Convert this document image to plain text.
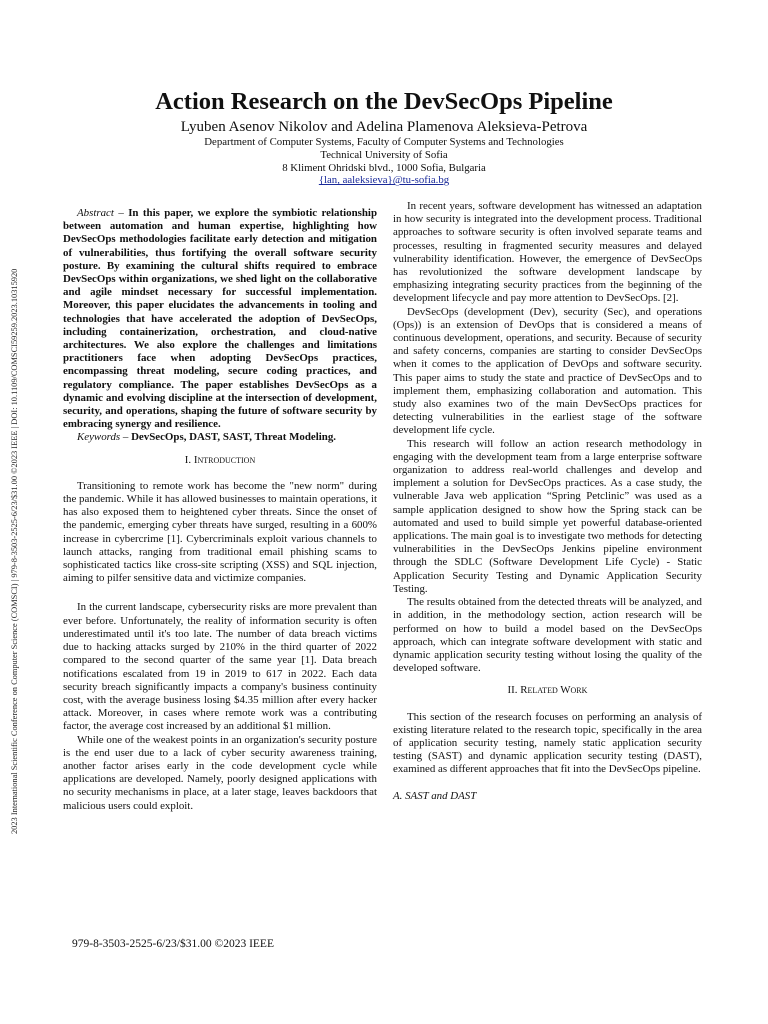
2023 International Scientific Conference on Computer Science (COMSCI) | 979-8-3503-2525-6/23/$31.00 ©2023 IEEE | DOI: 10.1109/COMSCI59259.2023.10315920
Action Research on the DevSecOps Pipeline
Lyuben Asenov Nikolov and Adelina Plamenova Aleksieva-Petrova
Department of Computer Systems, Faculty of Computer Systems and Technologies
Technical University of Sofia
8 Kliment Ohridski blvd., 1000 Sofia, Bulgaria
{lan, aaleksieva}@tu-sofia.bg

Abstract – In this paper, we explore the symbiotic relationship between automation and human expertise, highlighting how DevSecOps methodologies facilitate early detection and mitigation of vulnerabilities, thus fortifying the overall software security posture. By examining the cultural shifts required to embrace DevSecOps within organizations, we shed light on the collaborative and agile mindset necessary for successful implementation. Moreover, this paper elucidates the advancements in tooling and technologies that have accelerated the adoption of DevSecOps, including containerization, orchestration, and cloud-native architectures. We also explore the challenges and limitations practitioners face when adopting DevSecOps practices, encompassing threat modeling, secure coding practices, and regulatory compliance. The paper establishes DevSecOps as a dynamic and evolving discipline at the intersection of development, security, and operations, shaping the future of software security by embracing synergy and resilience.

Keywords – DevSecOps, DAST, SAST, Threat Modeling.

I. Introduction

Transitioning to remote work has become the "new norm" during the pandemic. While it has allowed businesses to maintain operations, it has also exposed them to heightened cyber threats. Since the onset of the pandemic, emerging cyber threats have surged, resulting in a 600% increase in cybercrime [1]. Cybercriminals exploit various channels to launch attacks, ranging from traditional email phishing scams to sophisticated tactics like cross-site scripting (XSS) and SQL injection, aiming to pilfer sensitive data and victimize companies.

In the current landscape, cybersecurity risks are more prevalent than ever before. Unfortunately, the reality of information security is often underestimated until it's too late. The number of data breach victims due to hacking attacks surged by 210% in the third quarter of 2022 compared to the second quarter of the same year [1]. Data breach notifications escalated from 19 in 2019 to 617 in 2022. Each data security breach significantly impacts a company's business continuity cost, with the average business losing $4.35 million after every hacker attack. Moreover, in cases where remote work was a contributing factor, the average cost increased by an additional $1 million.

While one of the weakest points in an organization's security posture is the end user due to a lack of cyber security awareness training, another factor arises early in the code development cycle while applications are developed. Namely, poorly designed applications with no security mechanisms in place, at a later stage, leaves backdoors that malicious users could exploit.

In recent years, software development has witnessed an adaptation in how security is integrated into the development process. Traditional approaches to software security is often involved separate teams and processes, resulting in fragmented security measures and delayed vulnerability identification. However, the emergence of DevSecOps has revolutionized the software development landscape by emphasizing integrating security practices from the beginning of the development lifecycle and pay more attention to DevSecOps. [2].

DevSecOps (development (Dev), security (Sec), and operations (Ops)) is an extension of DevOps that is considered a means of continuous development, operations, and security. Because of security and safety concerns, companies are starting to consider DevSecOps when it comes to the application of DevOps and software security. This paper aims to study the state and practice of DevSecOps and to implement them, emphasizing collaboration and automation. This study also examines two of the main DevSecOps practices for detecting vulnerabilities in the earliest stage of the software development life cycle.

This research will follow an action research methodology in engaging with the development team from a large enterprise software organization to address real-world challenges and develop and implement a solution for DevSecOps practices. As a case study, the vulnerable Java web application “Spring Petclinic” was used as a sample application designed to show how the Spring stack can be automated and used to build simple yet powerful database-oriented applications. The main goal is to investigate two methods for detecting vulnerabilities in the DevSecOps Jenkins pipeline environment through the SDLC (Software Development Life Cycle) - Static Application Security Testing and Dynamic Application Security Testing.

The results obtained from the detected threats will be analyzed, and in addition, in the methodology section, action research will be performed on how to build a model based on the DevSecOps approach, which can integrate software development with static and dynamic application security testing without losing the quality of the developed software.

II. Related Work

This section of the research focuses on performing an analysis of existing literature related to the research topic, specifically in the area of application security testing, namely static application security testing (SAST) and dynamic application security testing (DAST), examined as different approaches that fit into the DevSecOps pipeline.

A. SAST and DAST

979-8-3503-2525-6/23/$31.00 ©2023 IEEE
